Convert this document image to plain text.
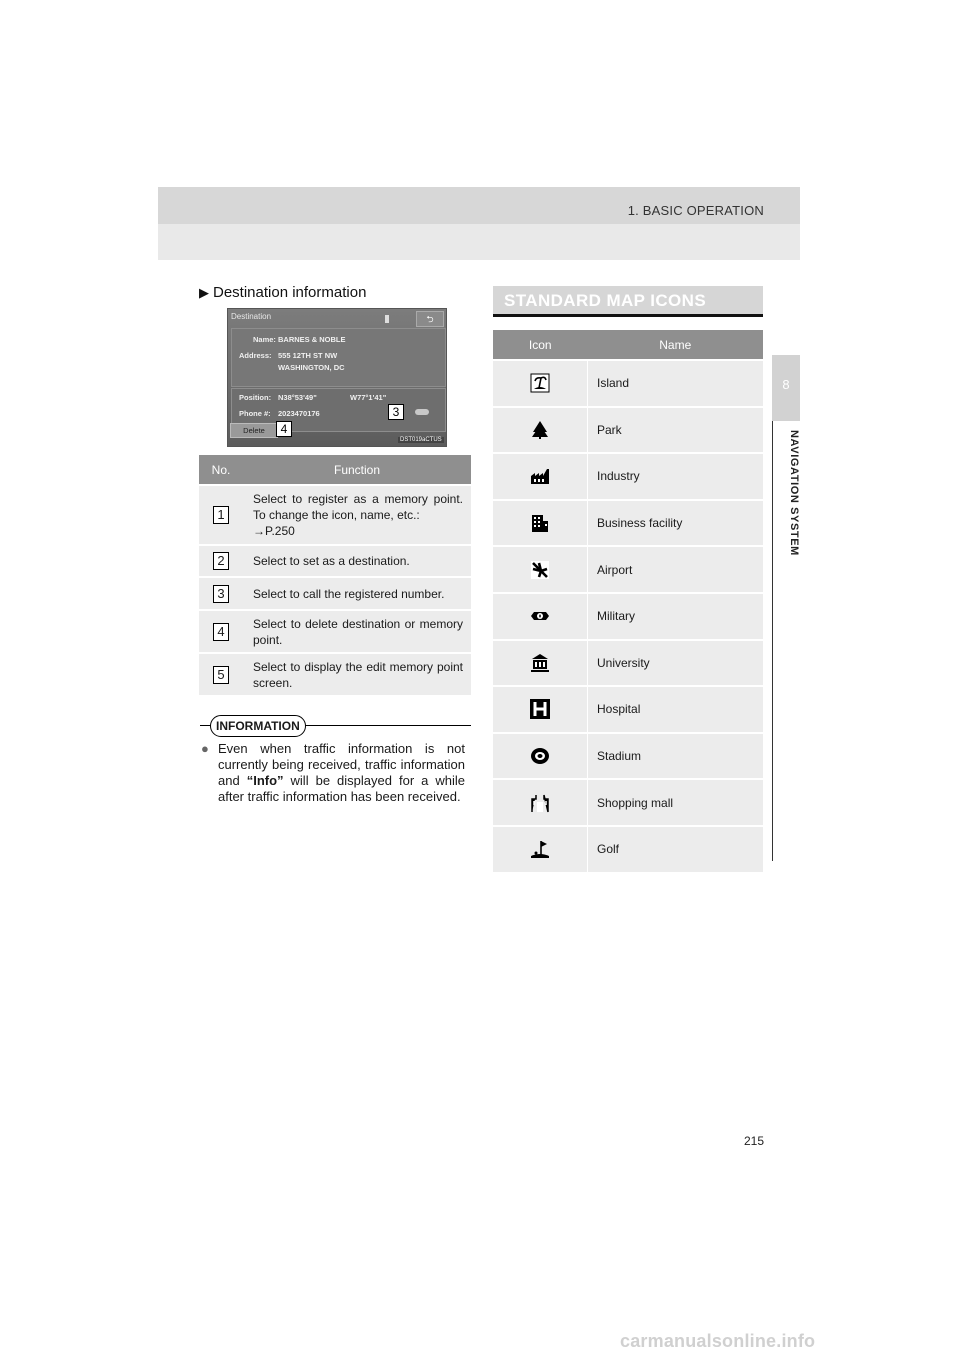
1. BASIC OPERATION
8
NAVIGATION SYSTEM
▶ Destination information
Destination	⮌
Name: BARNES & NOBLE
Address: 555 12TH ST NW
WASHINGTON, DC
Position: N38°53'49"	W77°1'41"
Phone #: 2023470176
Delete
3
4
DST019aCTUS
No.	Function
1	Select to register as a memory point. To change the icon, name, etc.:
→P.250
2	Select to set as a destination.
3	Select to call the registered number.
4	Select to delete destination or memory point.
5	Select to display the edit memory point screen.
INFORMATION
● Even when traffic information is not currently being received, traffic information and “Info” will be displayed for a while after traffic information has been received.
STANDARD MAP ICONS
Icon	Name
	Island
	Park
	Industry
	Business facility
	Airport
	Military
	University
	Hospital
	Stadium
	Shopping mall
	Golf
215
carmanualsonline.info
